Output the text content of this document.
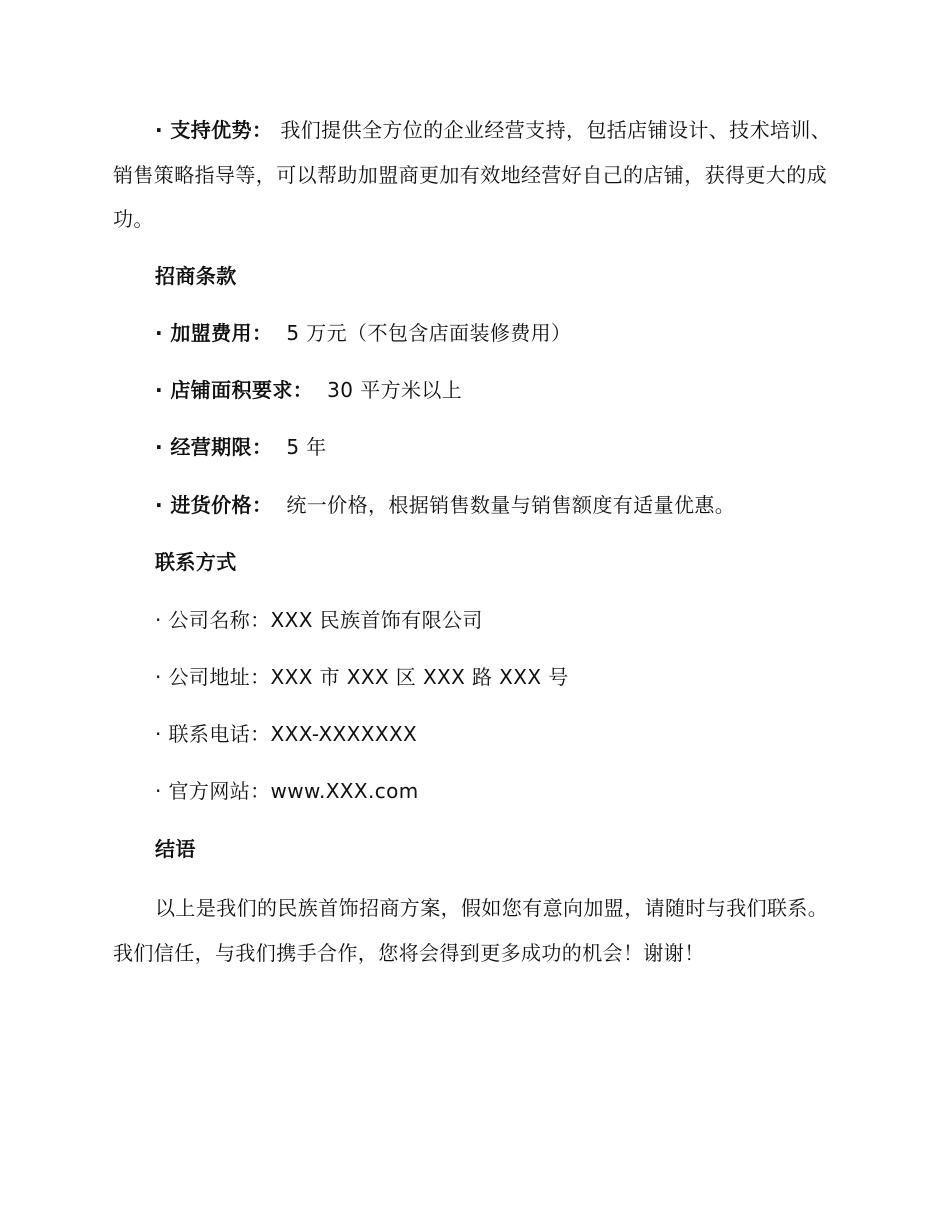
· 支持优势： 我们提供全方位的企业经营支持，包括店铺设计、技术培训、销售策略指导等，可以帮助加盟商更加有效地经营好自己的店铺，获得更大的成功。

招商条款

· 加盟费用： 5 万元（不包含店面装修费用）

· 店铺面积要求： 30 平方米以上

· 经营期限： 5 年

· 进货价格： 统一价格，根据销售数量与销售额度有适量优惠。

联系方式

· 公司名称：XXX 民族首饰有限公司

· 公司地址：XXX 市 XXX 区 XXX 路 XXX 号

· 联系电话：XXX-XXXXXXX

· 官方网站：www.XXX.com

结语

以上是我们的民族首饰招商方案，假如您有意向加盟，请随时与我们联系。我们信任，与我们携手合作，您将会得到更多成功的机会！谢谢！
